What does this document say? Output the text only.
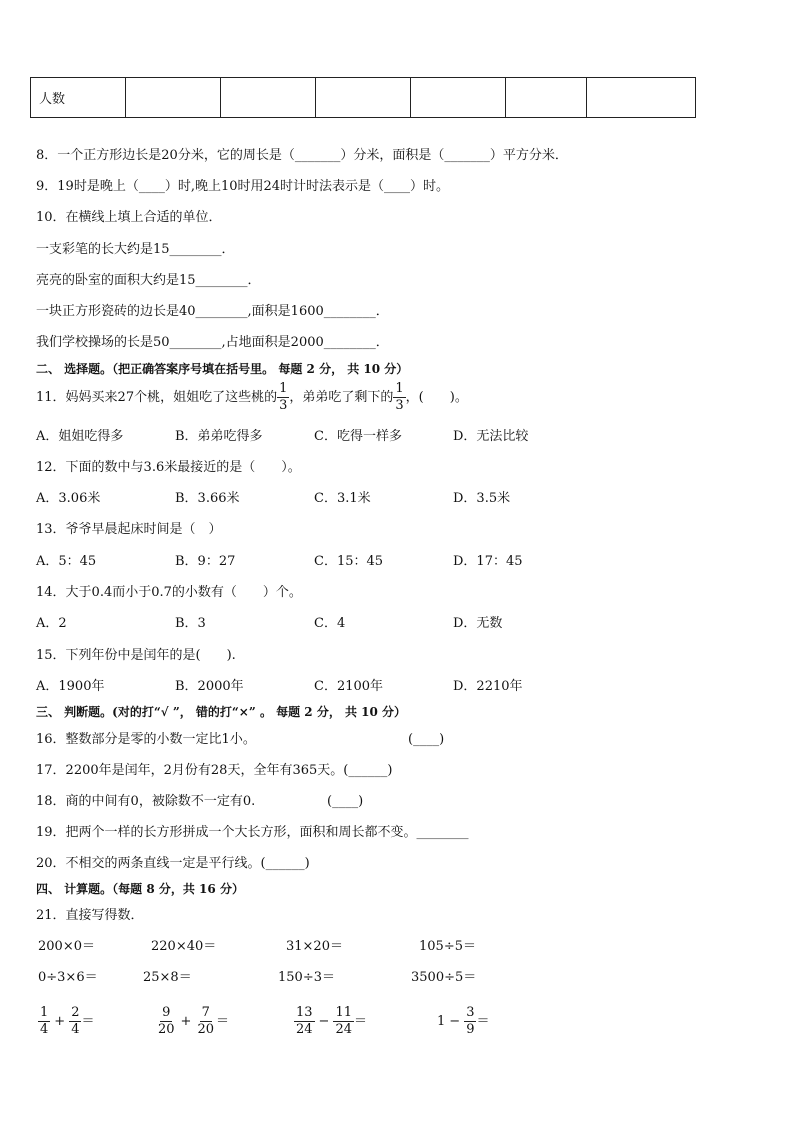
人数						
8．一个正方形边长是20分米，它的周长是（_______）分米，面积是（_______）平方分米．
9．19时是晚上（____）时,晚上10时用24时计时法表示是（____）时。
10．在横线上填上合适的单位．
一支彩笔的长大约是15________．
亮亮的卧室的面积大约是15________．
一块正方形瓷砖的边长是40________,面积是1600________．
我们学校操场的长是50________,占地面积是2000________．
二、 选择题。（把正确答案序号填在括号里。 每题 2 分， 共 10 分）
11．妈妈买来27个桃，姐姐吃了这些桃的 $\frac{1}{3}$ ，弟弟吃了剩下的 $\frac{1}{3}$ ，(　　)。
A．姐姐吃得多	B．弟弟吃得多	C．吃得一样多	D．无法比较
12．下面的数中与3.6米最接近的是（　　）。
A．3.06米	B．3.66米	C．3.1米	D．3.5米
13．爷爷早晨起床时间是（　）
A．5：45	B．9：27	C．15：45	D．17：45
14．大于0.4而小于0.7的小数有（　　）个。
A．2	B．3	C．4	D．无数
15．下列年份中是闰年的是(　　).
A．1900年	B．2000年	C．2100年	D．2210年
三、 判断题。(对的打“√ ”， 错的打“×” 。 每题 2 分， 共 10 分）
16．整数部分是零的小数一定比1小。	(____)
17．2200年是闰年，2月份有28天，全年有365天。(______)
18．商的中间有0，被除数不一定有0.	(____)
19．把两个一样的长方形拼成一个大长方形，面积和周长都不变。________
20．不相交的两条直线一定是平行线。(______)
四、 计算题。（每题 8 分，共 16 分）
21．直接写得数．
200×0＝	220×40＝	31×20＝	105÷5＝
0÷3×6＝	25×8＝	150÷3＝	3500÷5＝
$\frac{1}{4} + \frac{2}{4}$ ＝	$\frac{9}{20} + \frac{7}{20}$ ＝	$\frac{13}{24} - \frac{11}{24}$ ＝	$1 - \frac{3}{9}$ ＝
